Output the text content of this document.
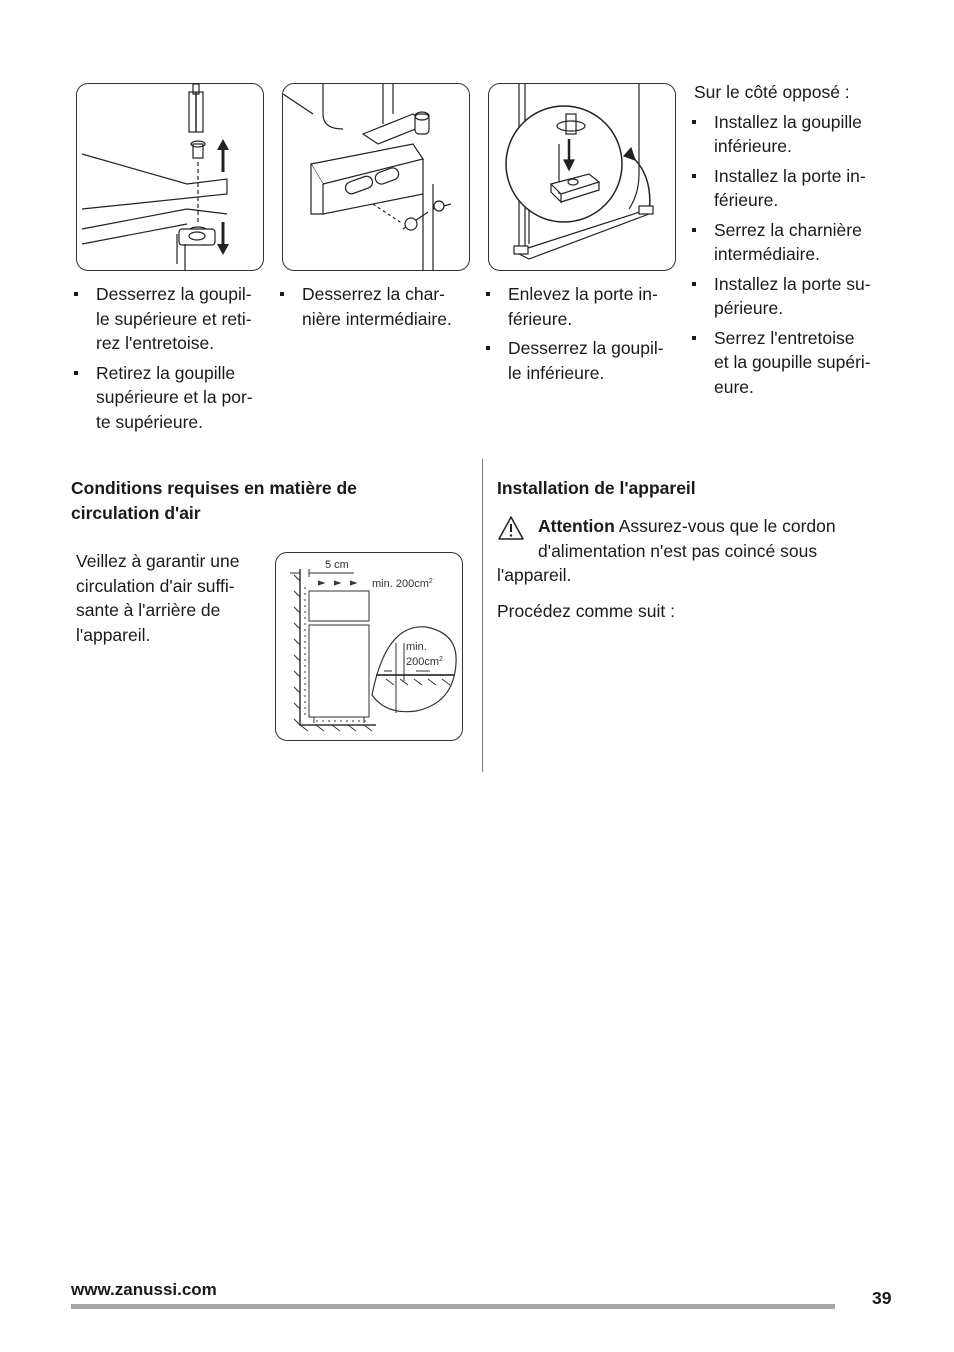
Desserrez la goupil-
le supérieure et reti-
rez l'entretoise.
Retirez la goupille
supérieure et la por-
te supérieure.
Desserrez la char-
nière intermédiaire.
Enlevez la porte in-
férieure.
Desserrez la goupil-
le inférieure.
Sur le côté opposé :
Installez la goupille
inférieure.
Installez la porte in-
férieure.
Serrez la charnière
intermédiaire.
Installez la porte su-
périeure.
Serrez l'entretoise
et la goupille supéri-
eure.
Conditions requises en matière de
circulation d'air
Veillez à garantir une
circulation d'air suffi-
sante à l'arrière de
l'appareil.
5 cm
min. $200cm^2$
min.
$200cm^2$
Installation de l'appareil
Attention Assurez-vous que le cordon
d'alimentation n'est pas coincé sous
l'appareil.
Procédez comme suit :
www.zanussi.com	39
